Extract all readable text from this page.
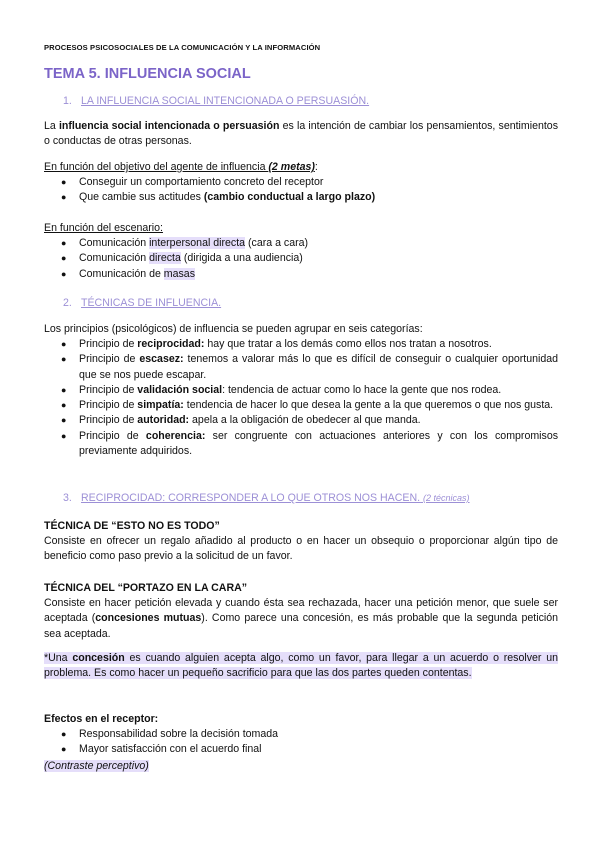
PROCESOS PSICOSOCIALES DE LA COMUNICACIÓN Y LA INFORMACIÓN
TEMA 5. INFLUENCIA SOCIAL
1. LA INFLUENCIA SOCIAL INTENCIONADA O PERSUASIÓN.
La influencia social intencionada o persuasión es la intención de cambiar los pensamientos, sentimientos o conductas de otras personas.
En función del objetivo del agente de influencia (2 metas):
● Conseguir un comportamiento concreto del receptor
● Que cambie sus actitudes (cambio conductual a largo plazo)
En función del escenario:
● Comunicación interpersonal directa (cara a cara)
● Comunicación directa (dirigida a una audiencia)
● Comunicación de masas
2. TÉCNICAS DE INFLUENCIA.
Los principios (psicológicos) de influencia se pueden agrupar en seis categorías:
● Principio de reciprocidad: hay que tratar a los demás como ellos nos tratan a nosotros.
● Principio de escasez: tenemos a valorar más lo que es difícil de conseguir o cualquier oportunidad que se nos puede escapar.
● Principio de validación social: tendencia de actuar como lo hace la gente que nos rodea.
● Principio de simpatía: tendencia de hacer lo que desea la gente a la que queremos o que nos gusta.
● Principio de autoridad: apela a la obligación de obedecer al que manda.
● Principio de coherencia: ser congruente con actuaciones anteriores y con los compromisos previamente adquiridos.
3. RECIPROCIDAD: CORRESPONDER A LO QUE OTROS NOS HACEN. (2 técnicas)
TÉCNICA DE “ESTO NO ES TODO”
Consiste en ofrecer un regalo añadido al producto o en hacer un obsequio o proporcionar algún tipo de beneficio como paso previo a la solicitud de un favor.
TÉCNICA DEL “PORTAZO EN LA CARA”
Consiste en hacer petición elevada y cuando ésta sea rechazada, hacer una petición menor, que suele ser aceptada (concesiones mutuas). Como parece una concesión, es más probable que la segunda petición sea aceptada.
*Una concesión es cuando alguien acepta algo, como un favor, para llegar a un acuerdo o resolver un problema. Es como hacer un pequeño sacrificio para que las dos partes queden contentas.
Efectos en el receptor:
● Responsabilidad sobre la decisión tomada
● Mayor satisfacción con el acuerdo final
(Contraste perceptivo)
